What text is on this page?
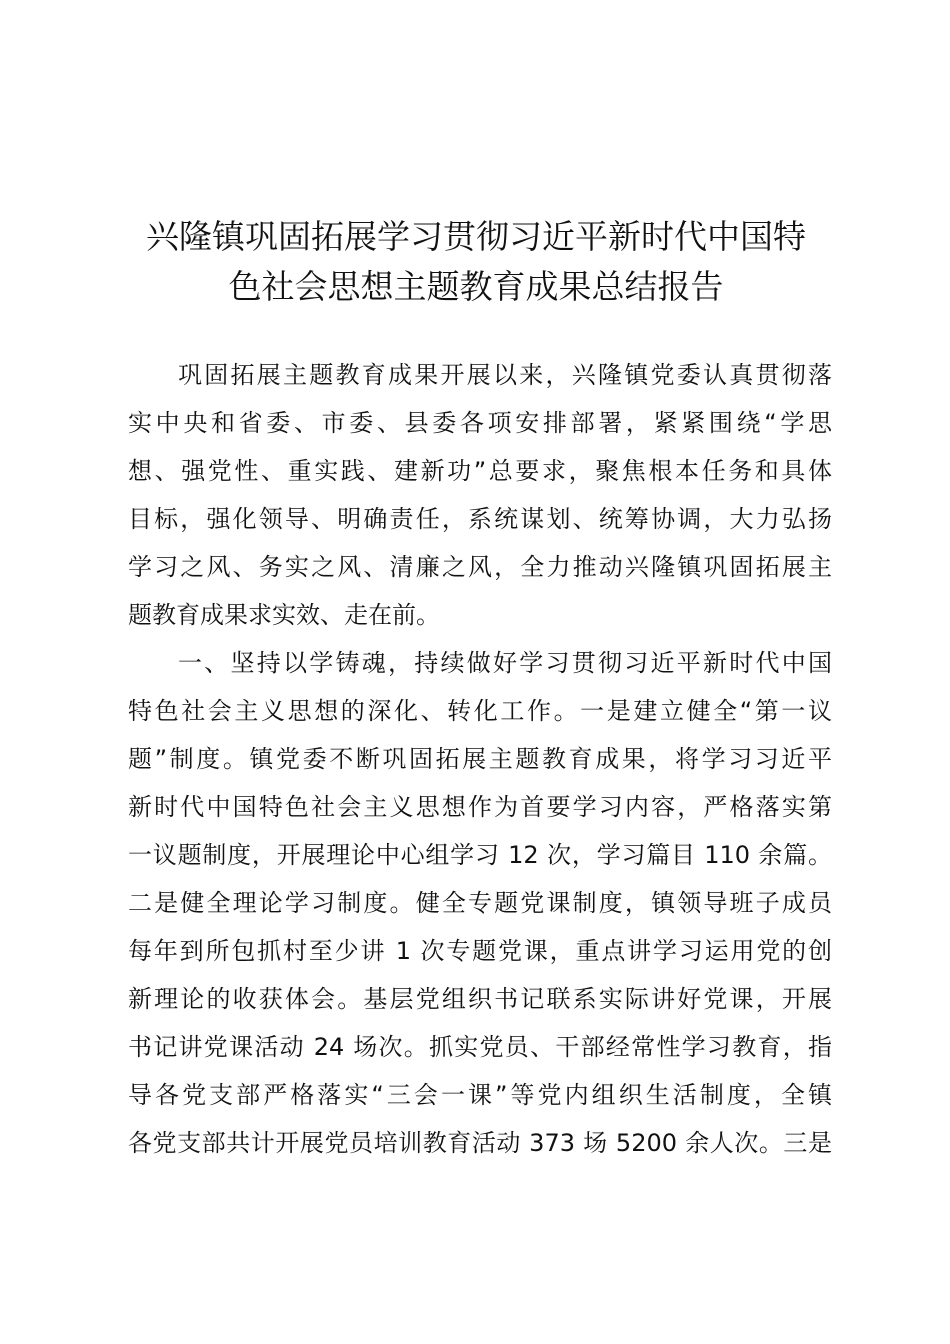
兴隆镇巩固拓展学习贯彻习近平新时代中国特
色社会思想主题教育成果总结报告
巩固拓展主题教育成果开展以来，兴隆镇党委认真贯彻落
实中央和省委、市委、县委各项安排部署，紧紧围绕“学思
想、强党性、重实践、建新功”总要求，聚焦根本任务和具体
目标，强化领导、明确责任，系统谋划、统筹协调，大力弘扬
学习之风、务实之风、清廉之风，全力推动兴隆镇巩固拓展主
题教育成果求实效、走在前。
一、坚持以学铸魂，持续做好学习贯彻习近平新时代中国
特色社会主义思想的深化、转化工作。一是建立健全“第一议
题”制度。镇党委不断巩固拓展主题教育成果，将学习习近平
新时代中国特色社会主义思想作为首要学习内容，严格落实第
一议题制度，开展理论中心组学习 12 次，学习篇目 110 余篇。
二是健全理论学习制度。健全专题党课制度，镇领导班子成员
每年到所包抓村至少讲 1 次专题党课，重点讲学习运用党的创
新理论的收获体会。基层党组织书记联系实际讲好党课，开展
书记讲党课活动 24 场次。抓实党员、干部经常性学习教育，指
导各党支部严格落实“三会一课”等党内组织生活制度，全镇
各党支部共计开展党员培训教育活动 373 场 5200 余人次。三是
